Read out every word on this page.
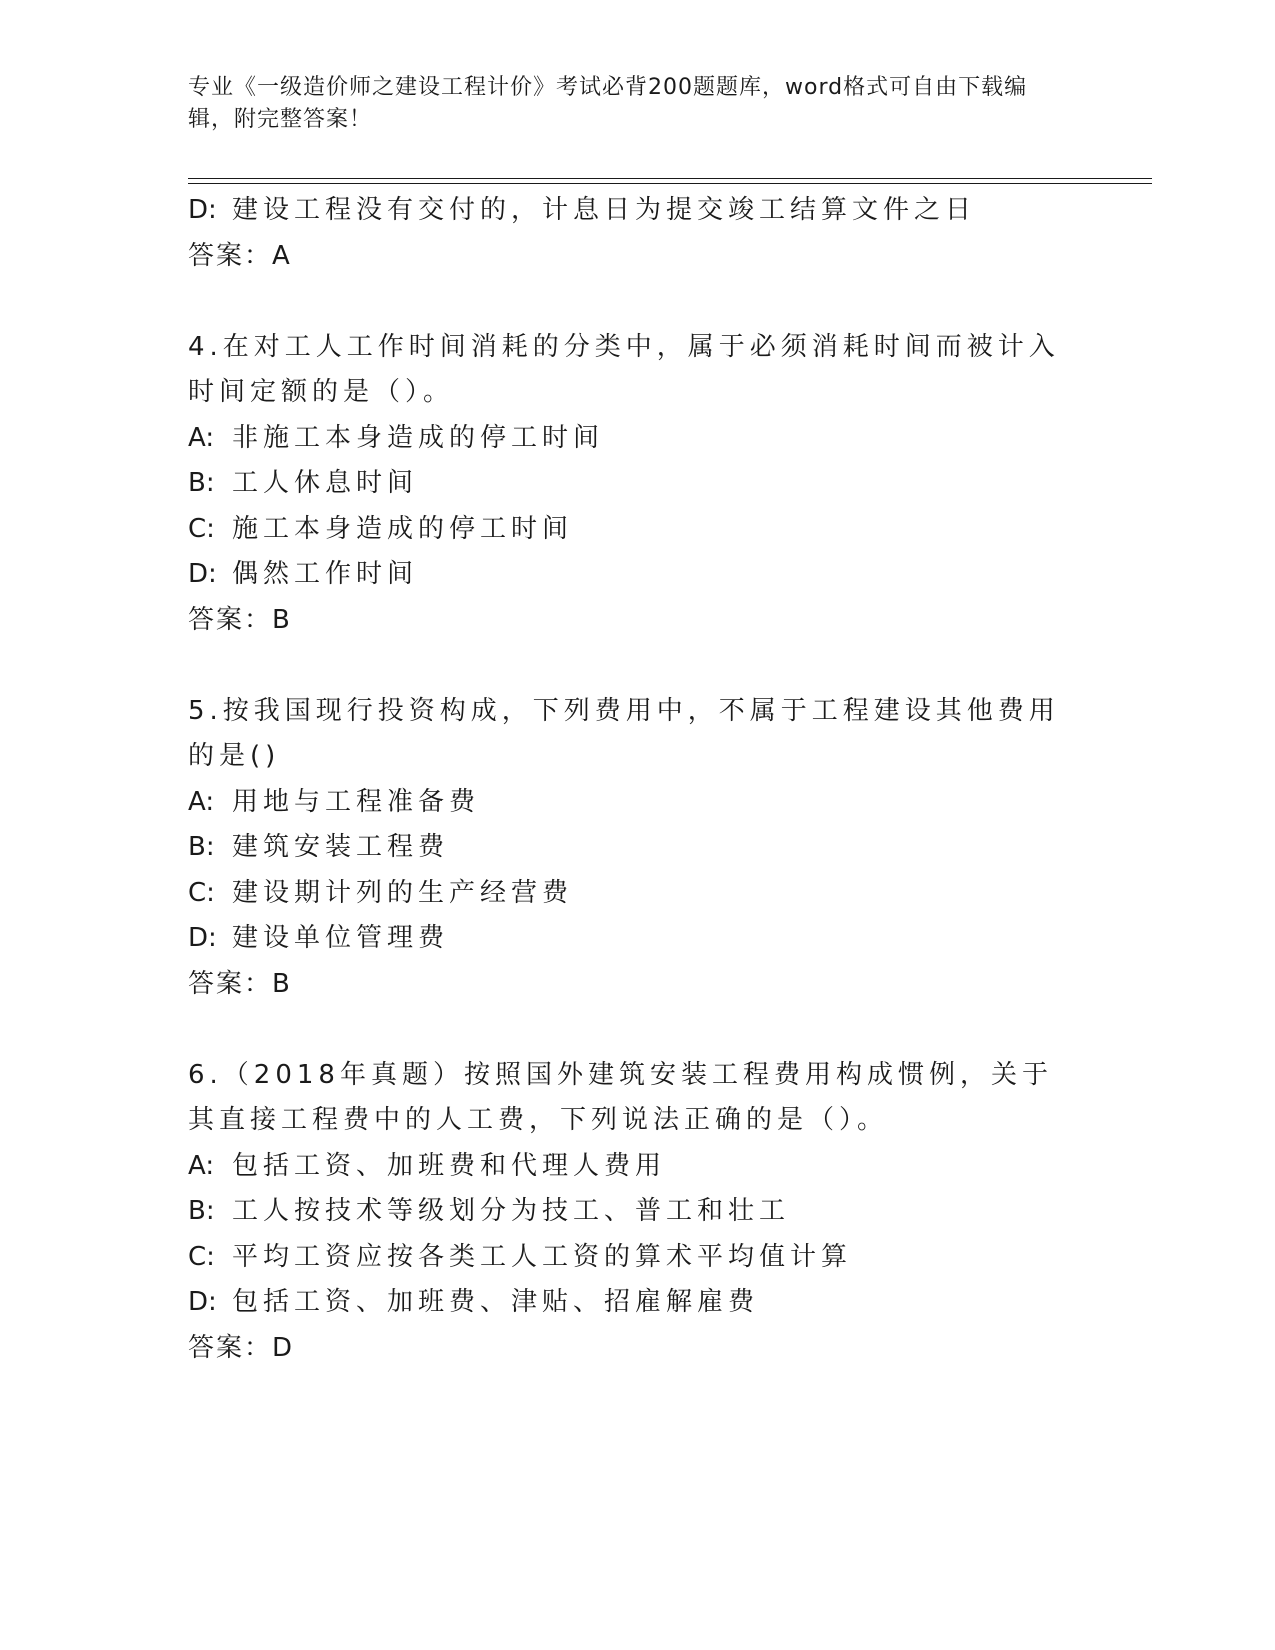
专业《一级造价师之建设工程计价》考试必背200题题库，word格式可自由下载编辑，附完整答案！
D: 建设工程没有交付的，计息日为提交竣工结算文件之日
答案：A
4.在对工人工作时间消耗的分类中，属于必须消耗时间而被计入时间定额的是（）。
A: 非施工本身造成的停工时间
B: 工人休息时间
C: 施工本身造成的停工时间
D: 偶然工作时间
答案：B
5.按我国现行投资构成，下列费用中，不属于工程建设其他费用的是()
A: 用地与工程准备费
B: 建筑安装工程费
C: 建设期计列的生产经营费
D: 建设单位管理费
答案：B
6.（2018年真题）按照国外建筑安装工程费用构成惯例，关于其直接工程费中的人工费，下列说法正确的是（）。
A: 包括工资、加班费和代理人费用
B: 工人按技术等级划分为技工、普工和壮工
C: 平均工资应按各类工人工资的算术平均值计算
D: 包括工资、加班费、津贴、招雇解雇费
答案：D
